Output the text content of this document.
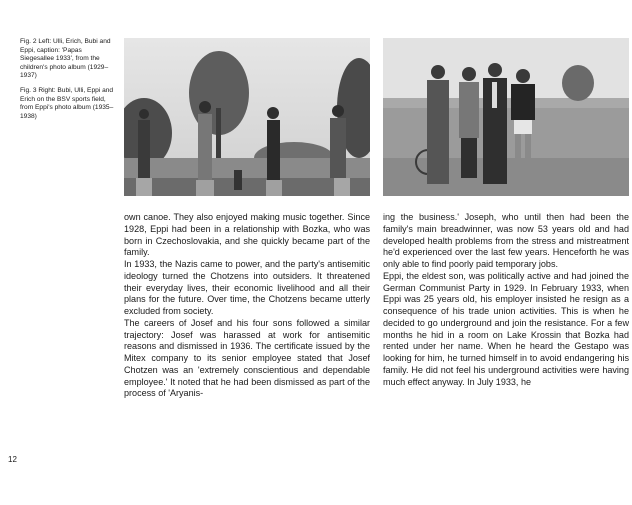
Fig. 2 Left: Ulli, Erich, Bubi and Eppi, caption: 'Papas Siegesallee 1933', from the children's photo album (1929–1937)

Fig. 3 Right: Bubi, Ulli, Eppi and Erich on the BSV sports field, from Eppi's photo album (1935–1938)

own canoe. They also enjoyed making music together. Since 1928, Eppi had been in a relationship with Bozka, who was born in Czechoslovakia, and she quickly became part of the family.

In 1933, the Nazis came to power, and the party's antisemitic ideology turned the Chotzens into outsiders. It threatened their everyday lives, their economic livelihood and all their plans for the future. Over time, the Chotzens became utterly excluded from society.

The careers of Josef and his four sons followed a similar trajectory: Josef was harassed at work for antisemitic reasons and dismissed in 1936. The certificate issued by the Mitex company to its senior employee stated that Josef Chotzen was an 'extremely conscientious and dependable employee.' It noted that he had been dismissed as part of the process of 'Aryanis-

ing the business.' Joseph, who until then had been the family's main breadwinner, was now 53 years old and had developed health problems from the stress and mistreatment he'd experienced over the last few years. Henceforth he was only able to find poorly paid temporary jobs.

Eppi, the eldest son, was politically active and had joined the German Communist Party in 1929. In February 1933, when Eppi was 25 years old, his employer insisted he resign as a consequence of his trade union activities. This is when he decided to go underground and join the resistance. For a few months he hid in a room on Lake Krossin that Bozka had rented under her name. When he heard the Gestapo was looking for him, he turned himself in to avoid endangering his family. He did not feel his underground activities were having much effect anyway. In July 1933, he

12
